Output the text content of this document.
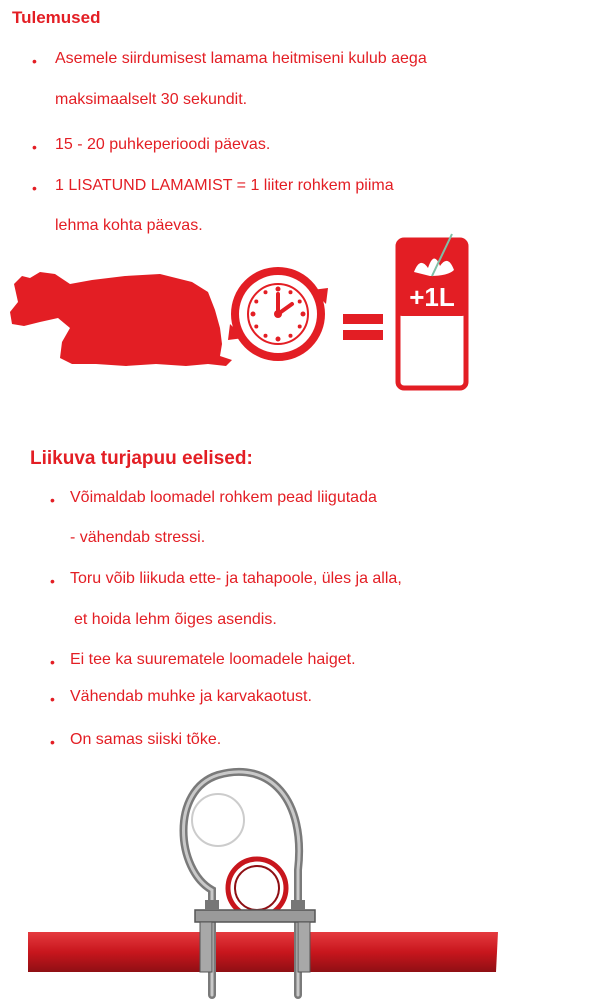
Tulemused
• Asemele siirdumisest lamama heitmiseni kulub aega
maksimaalselt 30 sekundit.
• 15 - 20 puhkeperioodi päevas.
• 1 LISATUND LAMAMIST = 1 liiter rohkem piima
lehma kohta päevas.
+1L
Liikuva turjapuu eelised:
• Võimaldab loomadel rohkem pead liigutada
- vähendab stressi.
• Toru võib liikuda ette- ja tahapoole, üles ja alla,
et hoida lehm õiges asendis.
• Ei tee ka suurematele loomadele haiget.
• Vähendab muhke ja karvakaotust.
• On samas siiski tõke.
